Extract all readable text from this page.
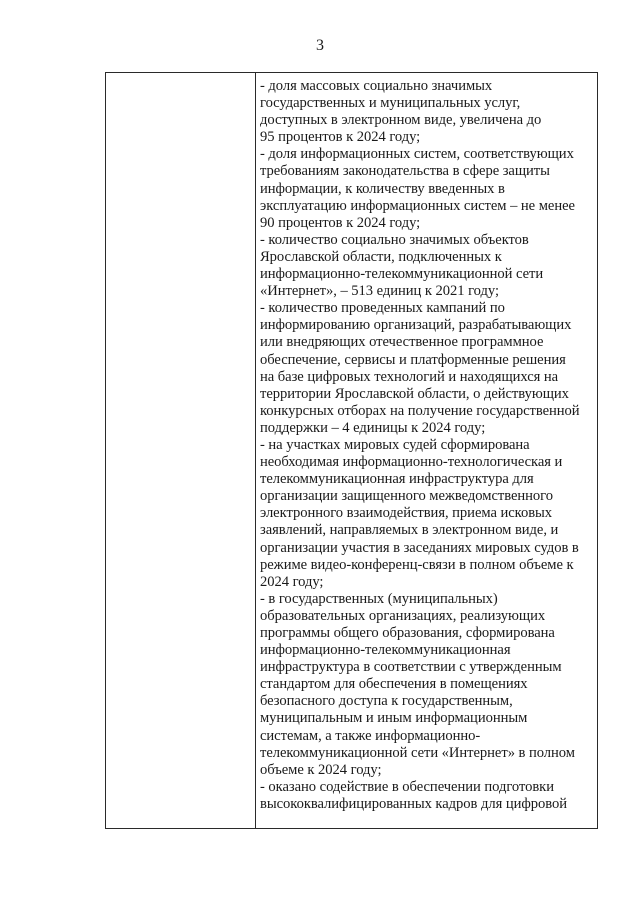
3
- доля массовых социально значимых
государственных и муниципальных услуг,
доступных в электронном виде, увеличена до
95 процентов к 2024 году;
- доля информационных систем, соответствующих
требованиям законодательства в сфере защиты
информации, к количеству введенных в
эксплуатацию информационных систем – не менее
90 процентов к 2024 году;
- количество социально значимых объектов
Ярославской области, подключенных к
информационно-телекоммуникационной сети
«Интернет», – 513 единиц к 2021 году;
- количество проведенных кампаний по
информированию организаций, разрабатывающих
или внедряющих отечественное программное
обеспечение, сервисы и платформенные решения
на базе цифровых технологий и находящихся на
территории Ярославской области, о действующих
конкурсных отборах на получение государственной
поддержки – 4 единицы к 2024 году;
- на участках мировых судей сформирована
необходимая информационно-технологическая и
телекоммуникационная инфраструктура для
организации защищенного межведомственного
электронного взаимодействия, приема исковых
заявлений, направляемых в электронном виде, и
организации участия в заседаниях мировых судов в
режиме видео-конференц-связи в полном объеме к
2024 году;
- в государственных (муниципальных)
образовательных организациях, реализующих
программы общего образования, сформирована
информационно-телекоммуникационная
инфраструктура в соответствии с утвержденным
стандартом для обеспечения в помещениях
безопасного доступа к государственным,
муниципальным и иным информационным
системам, а также информационно-
телекоммуникационной сети «Интернет» в полном
объеме к 2024 году;
- оказано содействие в обеспечении подготовки
высококвалифицированных кадров для цифровой
